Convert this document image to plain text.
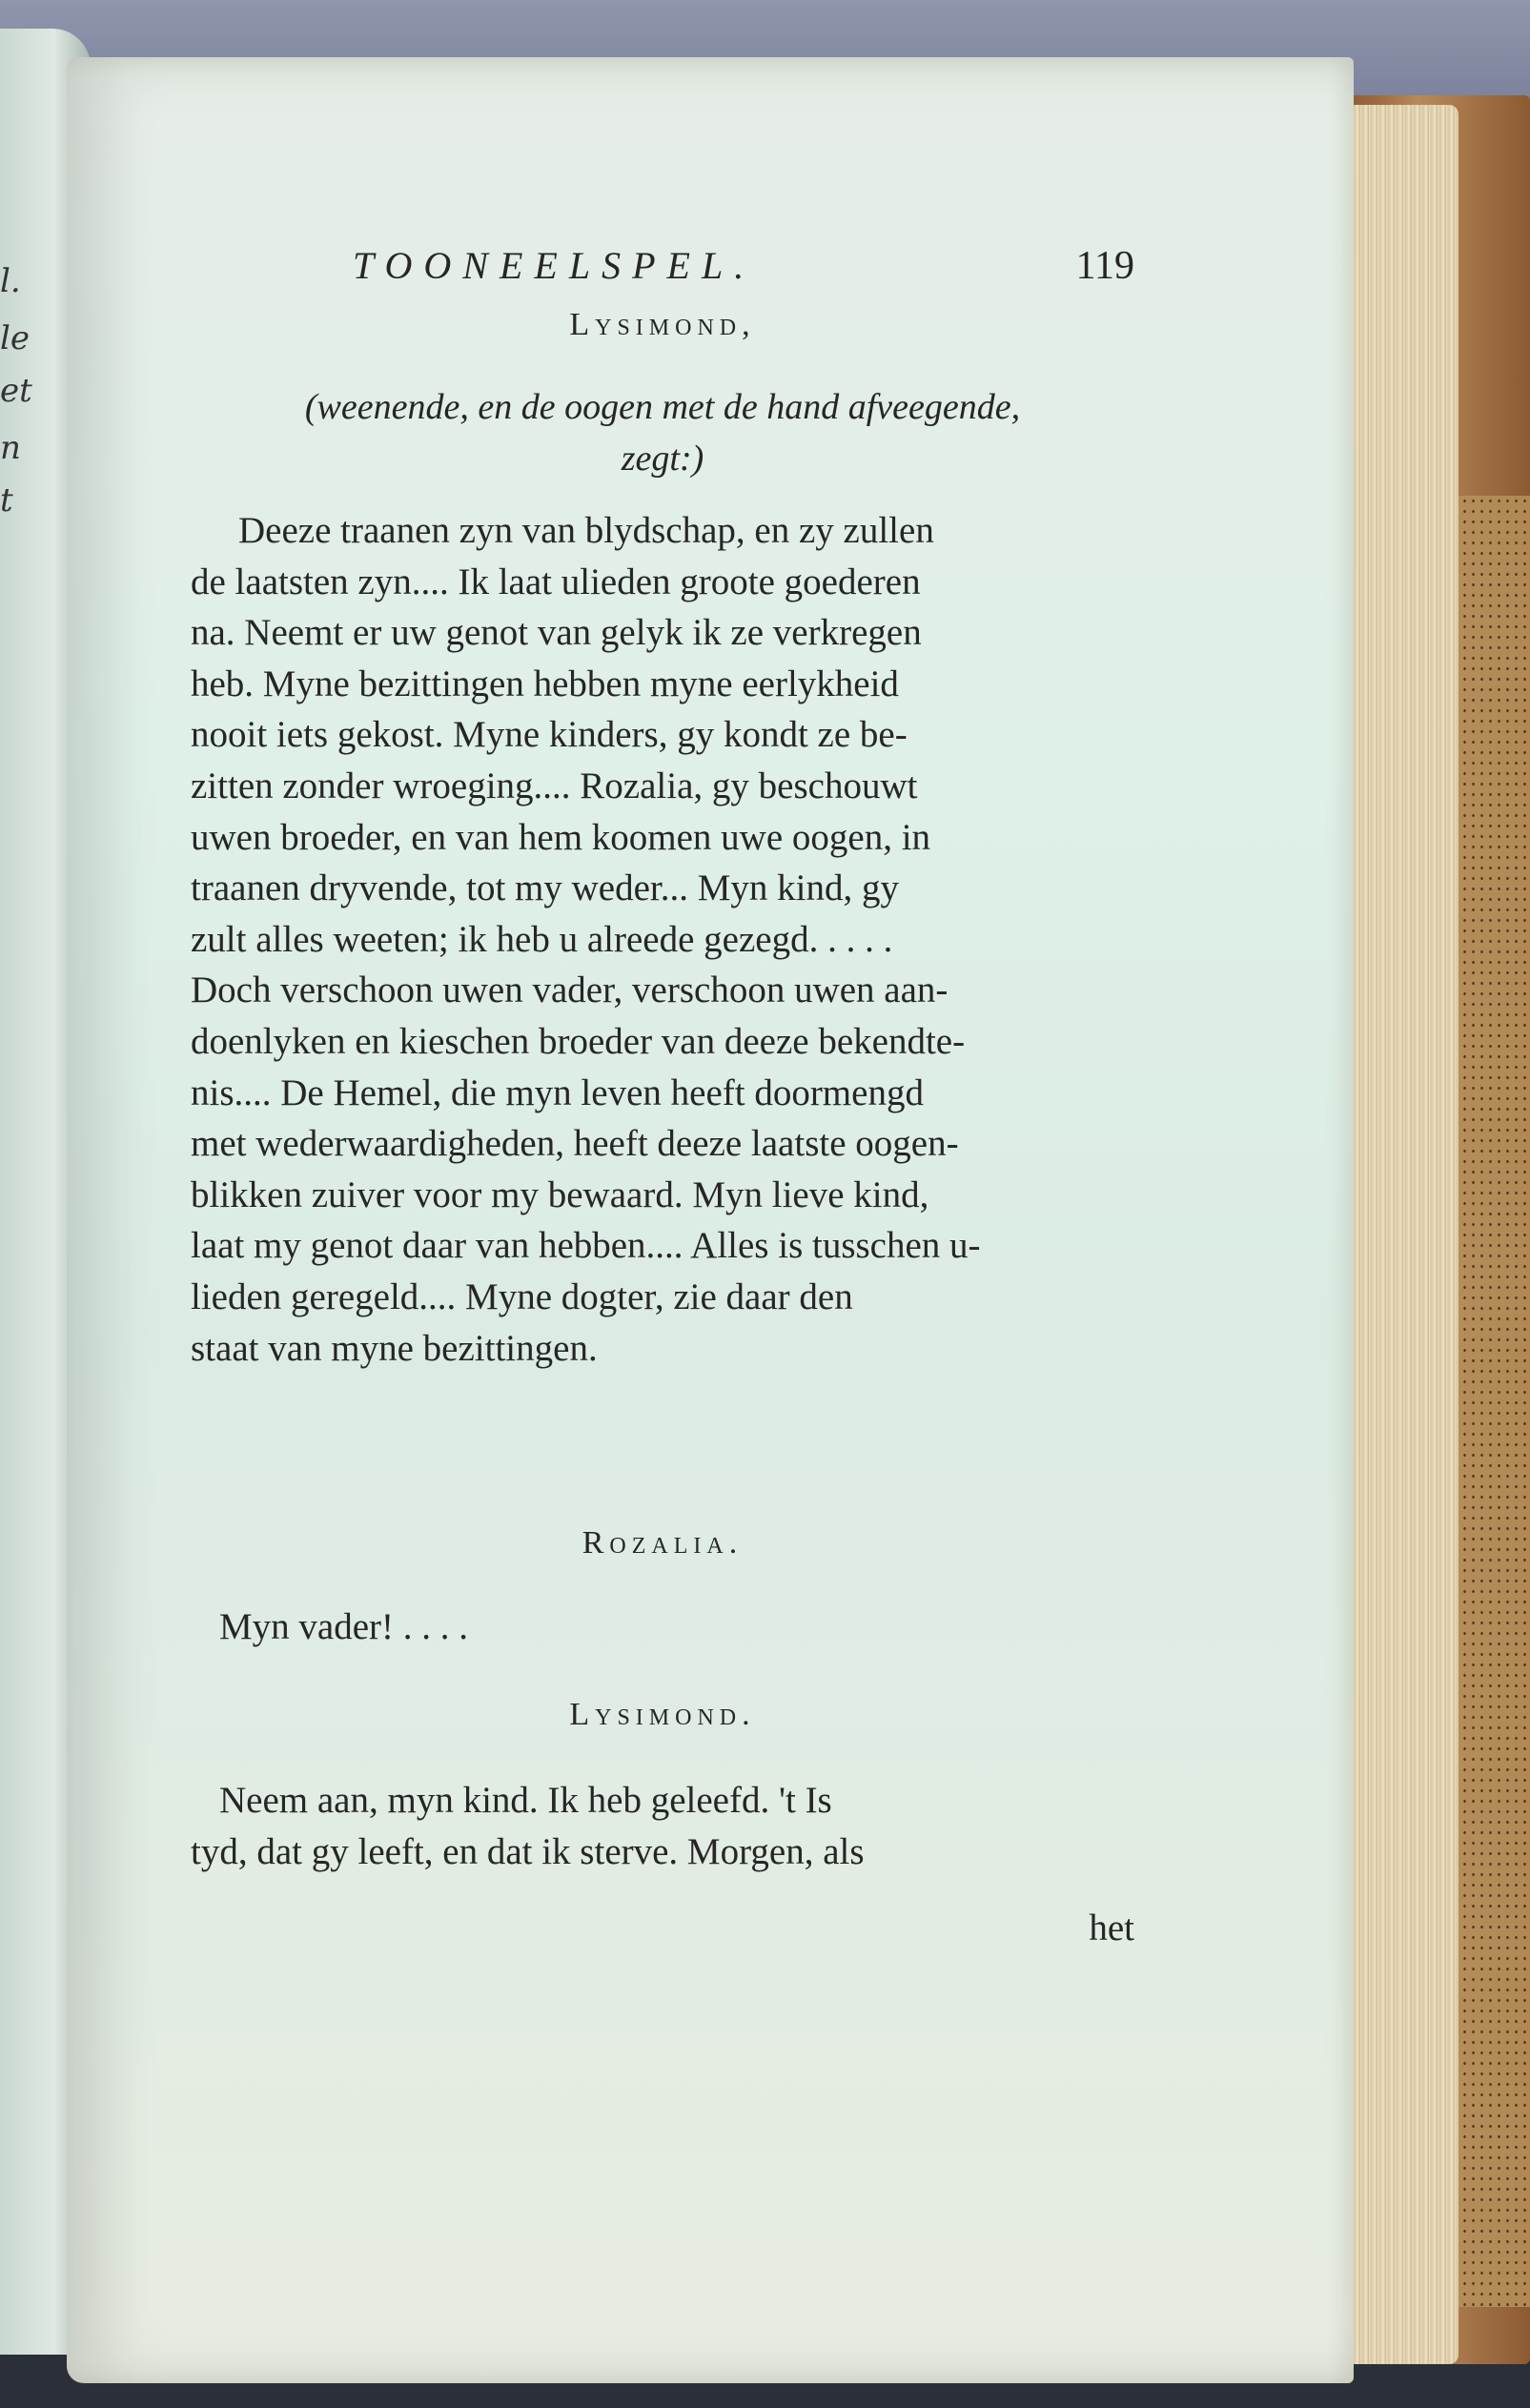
l.
le
et
n
t
TOONEELSPEL.	119
Lysimond,
(weenende, en de oogen met de hand afveegende,
zegt:)
Deeze traanen zyn van blydschap, en zy zullen
de laatsten zyn.... Ik laat ulieden groote goederen
na. Neemt er uw genot van gelyk ik ze verkregen
heb. Myne bezittingen hebben myne eerlykheid
nooit iets gekost. Myne kinders, gy kondt ze be-
zitten zonder wroeging.... Rozalia, gy beschouwt
uwen broeder, en van hem koomen uwe oogen, in
traanen dryvende, tot my weder... Myn kind, gy
zult alles weeten; ik heb u alreede gezegd. . . . .
Doch verschoon uwen vader, verschoon uwen aan-
doenlyken en kieschen broeder van deeze bekendte-
nis.... De Hemel, die myn leven heeft doormengd
met wederwaardigheden, heeft deeze laatste oogen-
blikken zuiver voor my bewaard. Myn lieve kind,
laat my genot daar van hebben.... Alles is tusschen u-
lieden geregeld.... Myne dogter, zie daar den
staat van myne bezittingen.
Rozalia.
Myn vader! . . . .
Lysimond.
Neem aan, myn kind. Ik heb geleefd. 't Is
tyd, dat gy leeft, en dat ik sterve. Morgen, als
het
